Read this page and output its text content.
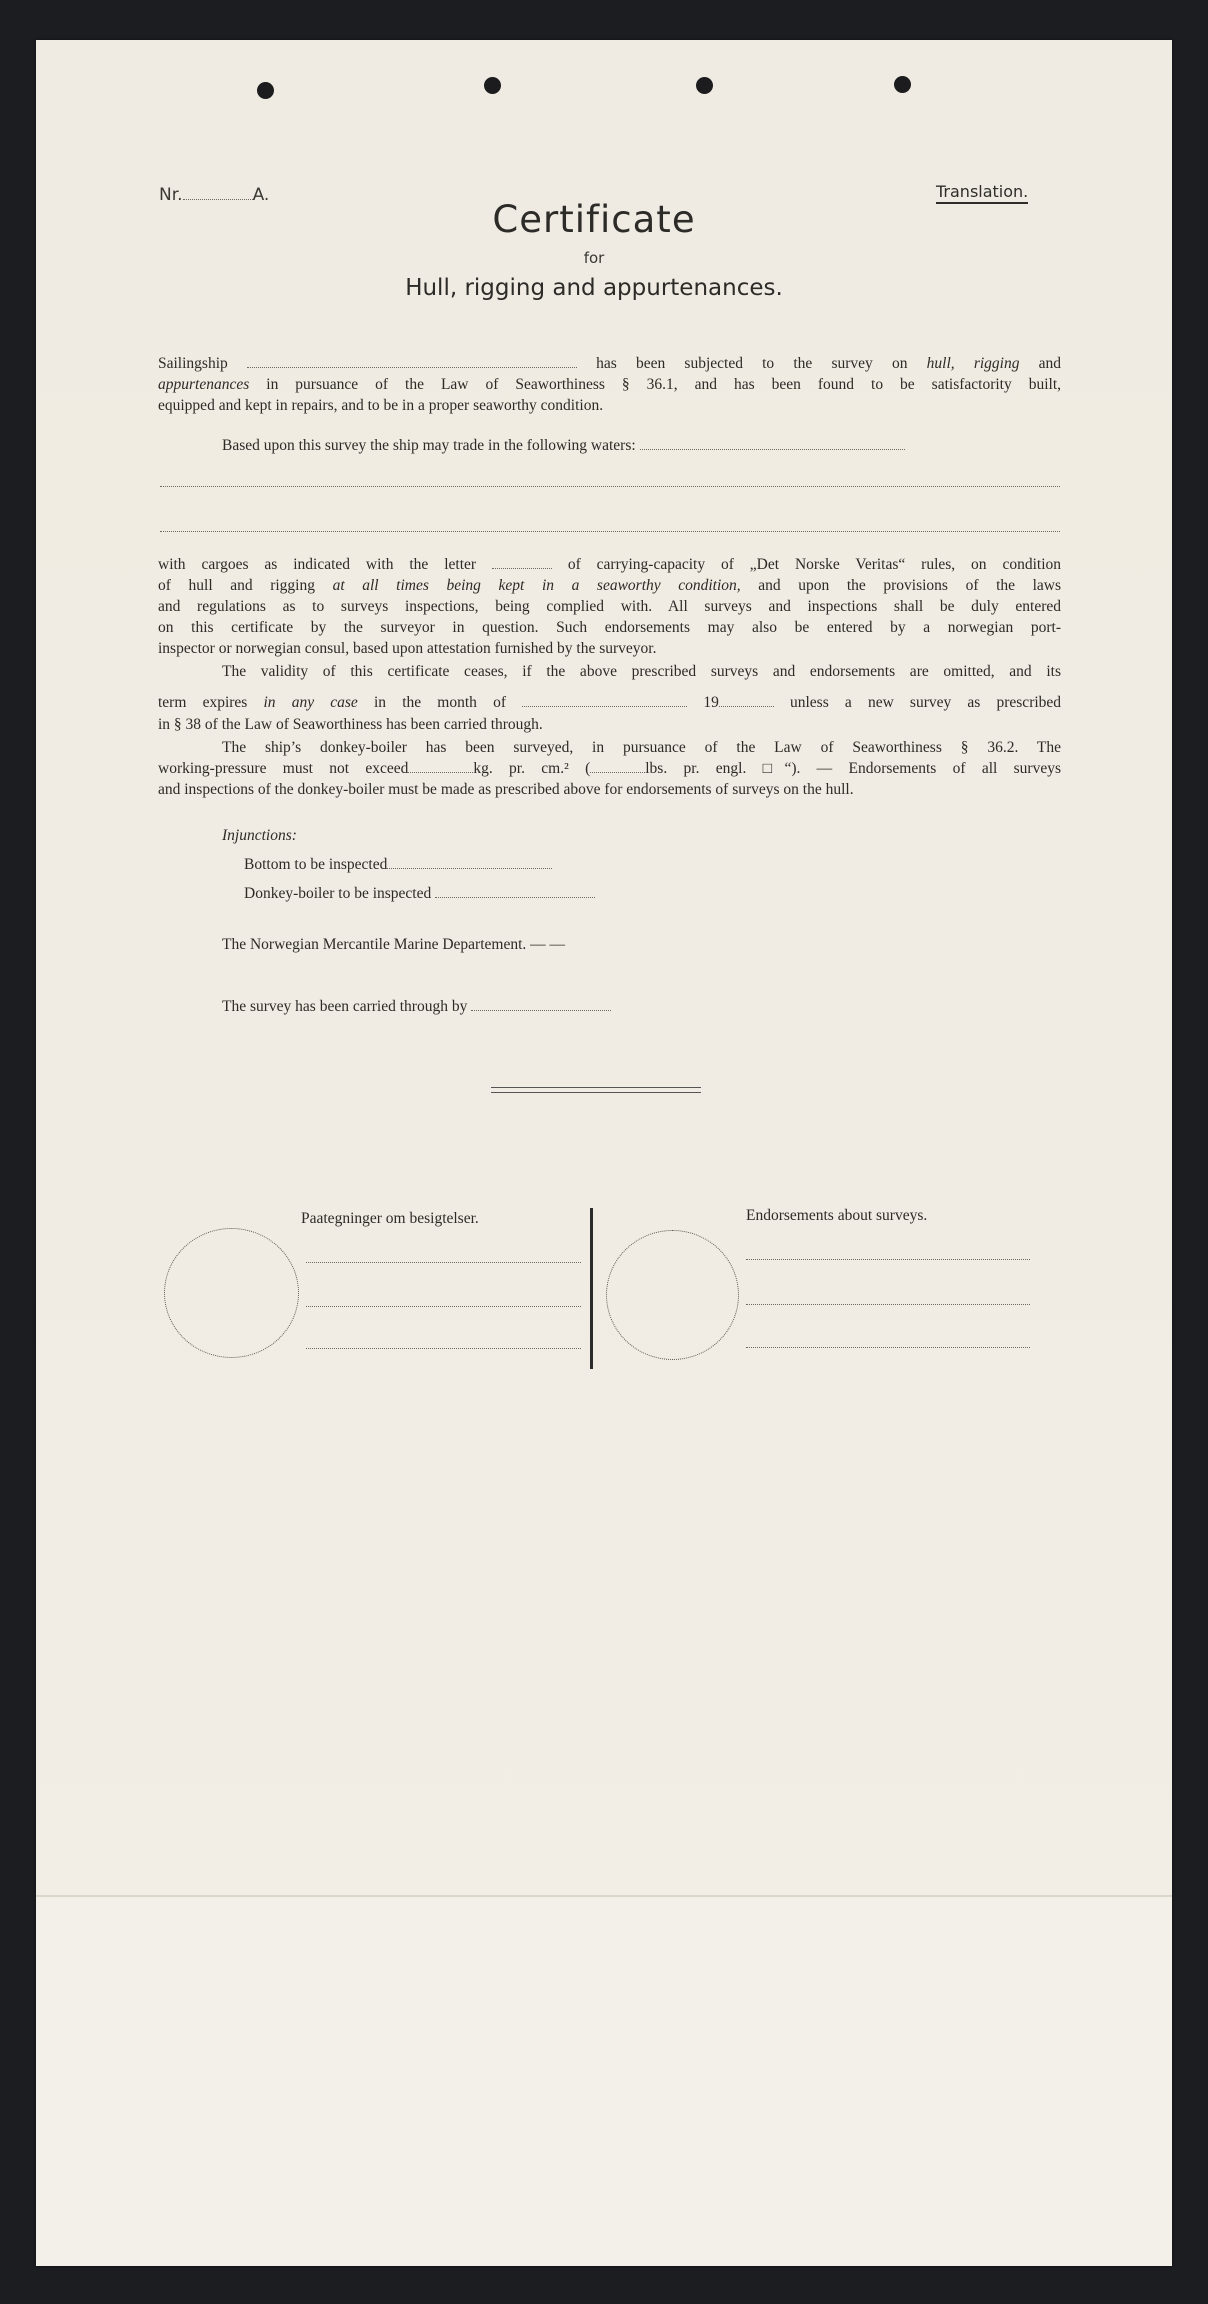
Nr.	A.	Translation.
Certificate
for
Hull, rigging and appurtenances.
Sailingship	has been subjected to the survey on hull, rigging and
appurtenances in pursuance of the Law of Seaworthiness § 36.1, and has been found to be satisfactority built,
equipped and kept in repairs, and to be in a proper seaworthy condition.
Based upon this survey the ship may trade in the following waters:
with cargoes as indicated with the letter	of carrying-capacity of „Det Norske Veritas“ rules, on condition
of hull and rigging at all times being kept in a seaworthy condition, and upon the provisions of the laws
and regulations as to surveys inspections, being complied with. All surveys and inspections shall be duly entered
on this certificate by the surveyor in question. Such endorsements may also be entered by a norwegian port-
inspector or norwegian consul, based upon attestation furnished by the surveyor.
The validity of this certificate ceases, if the above prescribed surveys and endorsements are omitted, and its
term expires in any case in the month of	19	unless a new survey as prescribed
in § 38 of the Law of Seaworthiness has been carried through.
The ship’s donkey-boiler has been surveyed, in pursuance of the Law of Seaworthiness § 36.2. The
working-pressure must not exceed	kg. pr. cm.² (	lbs. pr. engl. □“). — Endorsements of all surveys
and inspections of the donkey-boiler must be made as prescribed above for endorsements of surveys on the hull.
Injunctions:
Bottom to be inspected
Donkey-boiler to be inspected
The Norwegian Mercantile Marine Departement. — —
The survey has been carried through by
Paategninger om besigtelser.	Endorsements about surveys.
